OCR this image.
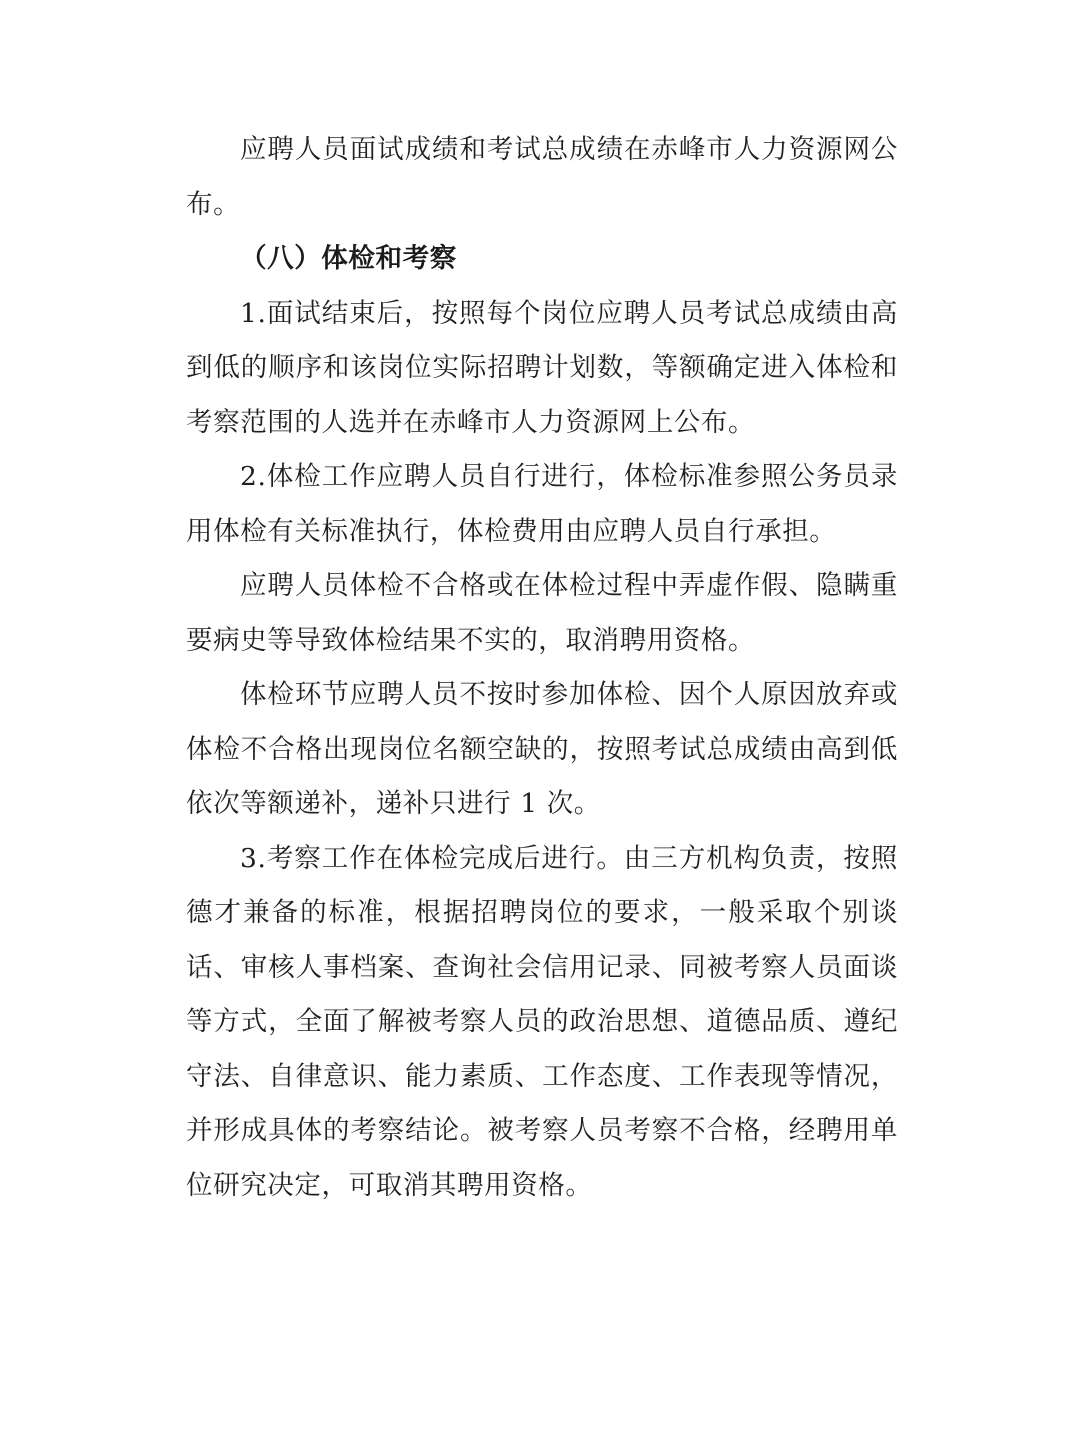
应聘人员面试成绩和考试总成绩在赤峰市人力资源网公布。

（八）体检和考察

1.面试结束后，按照每个岗位应聘人员考试总成绩由高到低的顺序和该岗位实际招聘计划数，等额确定进入体检和考察范围的人选并在赤峰市人力资源网上公布。

2.体检工作应聘人员自行进行，体检标准参照公务员录用体检有关标准执行，体检费用由应聘人员自行承担。

应聘人员体检不合格或在体检过程中弄虚作假、隐瞒重要病史等导致体检结果不实的，取消聘用资格。

体检环节应聘人员不按时参加体检、因个人原因放弃或体检不合格出现岗位名额空缺的，按照考试总成绩由高到低依次等额递补，递补只进行 1 次。

3.考察工作在体检完成后进行。由三方机构负责，按照德才兼备的标准，根据招聘岗位的要求，一般采取个别谈话、审核人事档案、查询社会信用记录、同被考察人员面谈等方式，全面了解被考察人员的政治思想、道德品质、遵纪守法、自律意识、能力素质、工作态度、工作表现等情况，并形成具体的考察结论。被考察人员考察不合格，经聘用单位研究决定，可取消其聘用资格。
